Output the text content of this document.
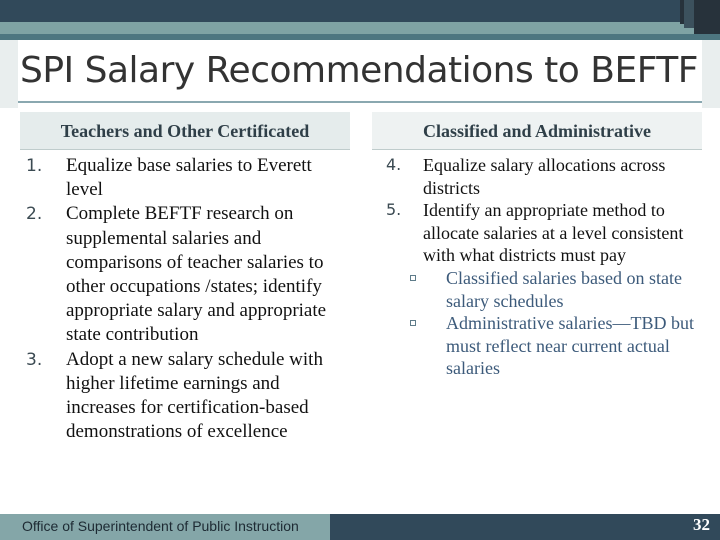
SPI Salary Recommendations to BEFTF
Teachers and Other Certificated
1. Equalize base salaries to Everett level
2. Complete BEFTF research on supplemental salaries and comparisons of teacher salaries to other occupations /states; identify appropriate salary and appropriate state contribution
3. Adopt a new salary schedule with higher lifetime earnings and increases for certification-based demonstrations of excellence
Classified and Administrative
4. Equalize salary allocations across districts
5. Identify an appropriate method to allocate salaries at a level consistent with what districts must pay
Classified salaries based on state salary schedules
Administrative salaries—TBD but must reflect near current actual salaries
Office of Superintendent of Public Instruction	32
